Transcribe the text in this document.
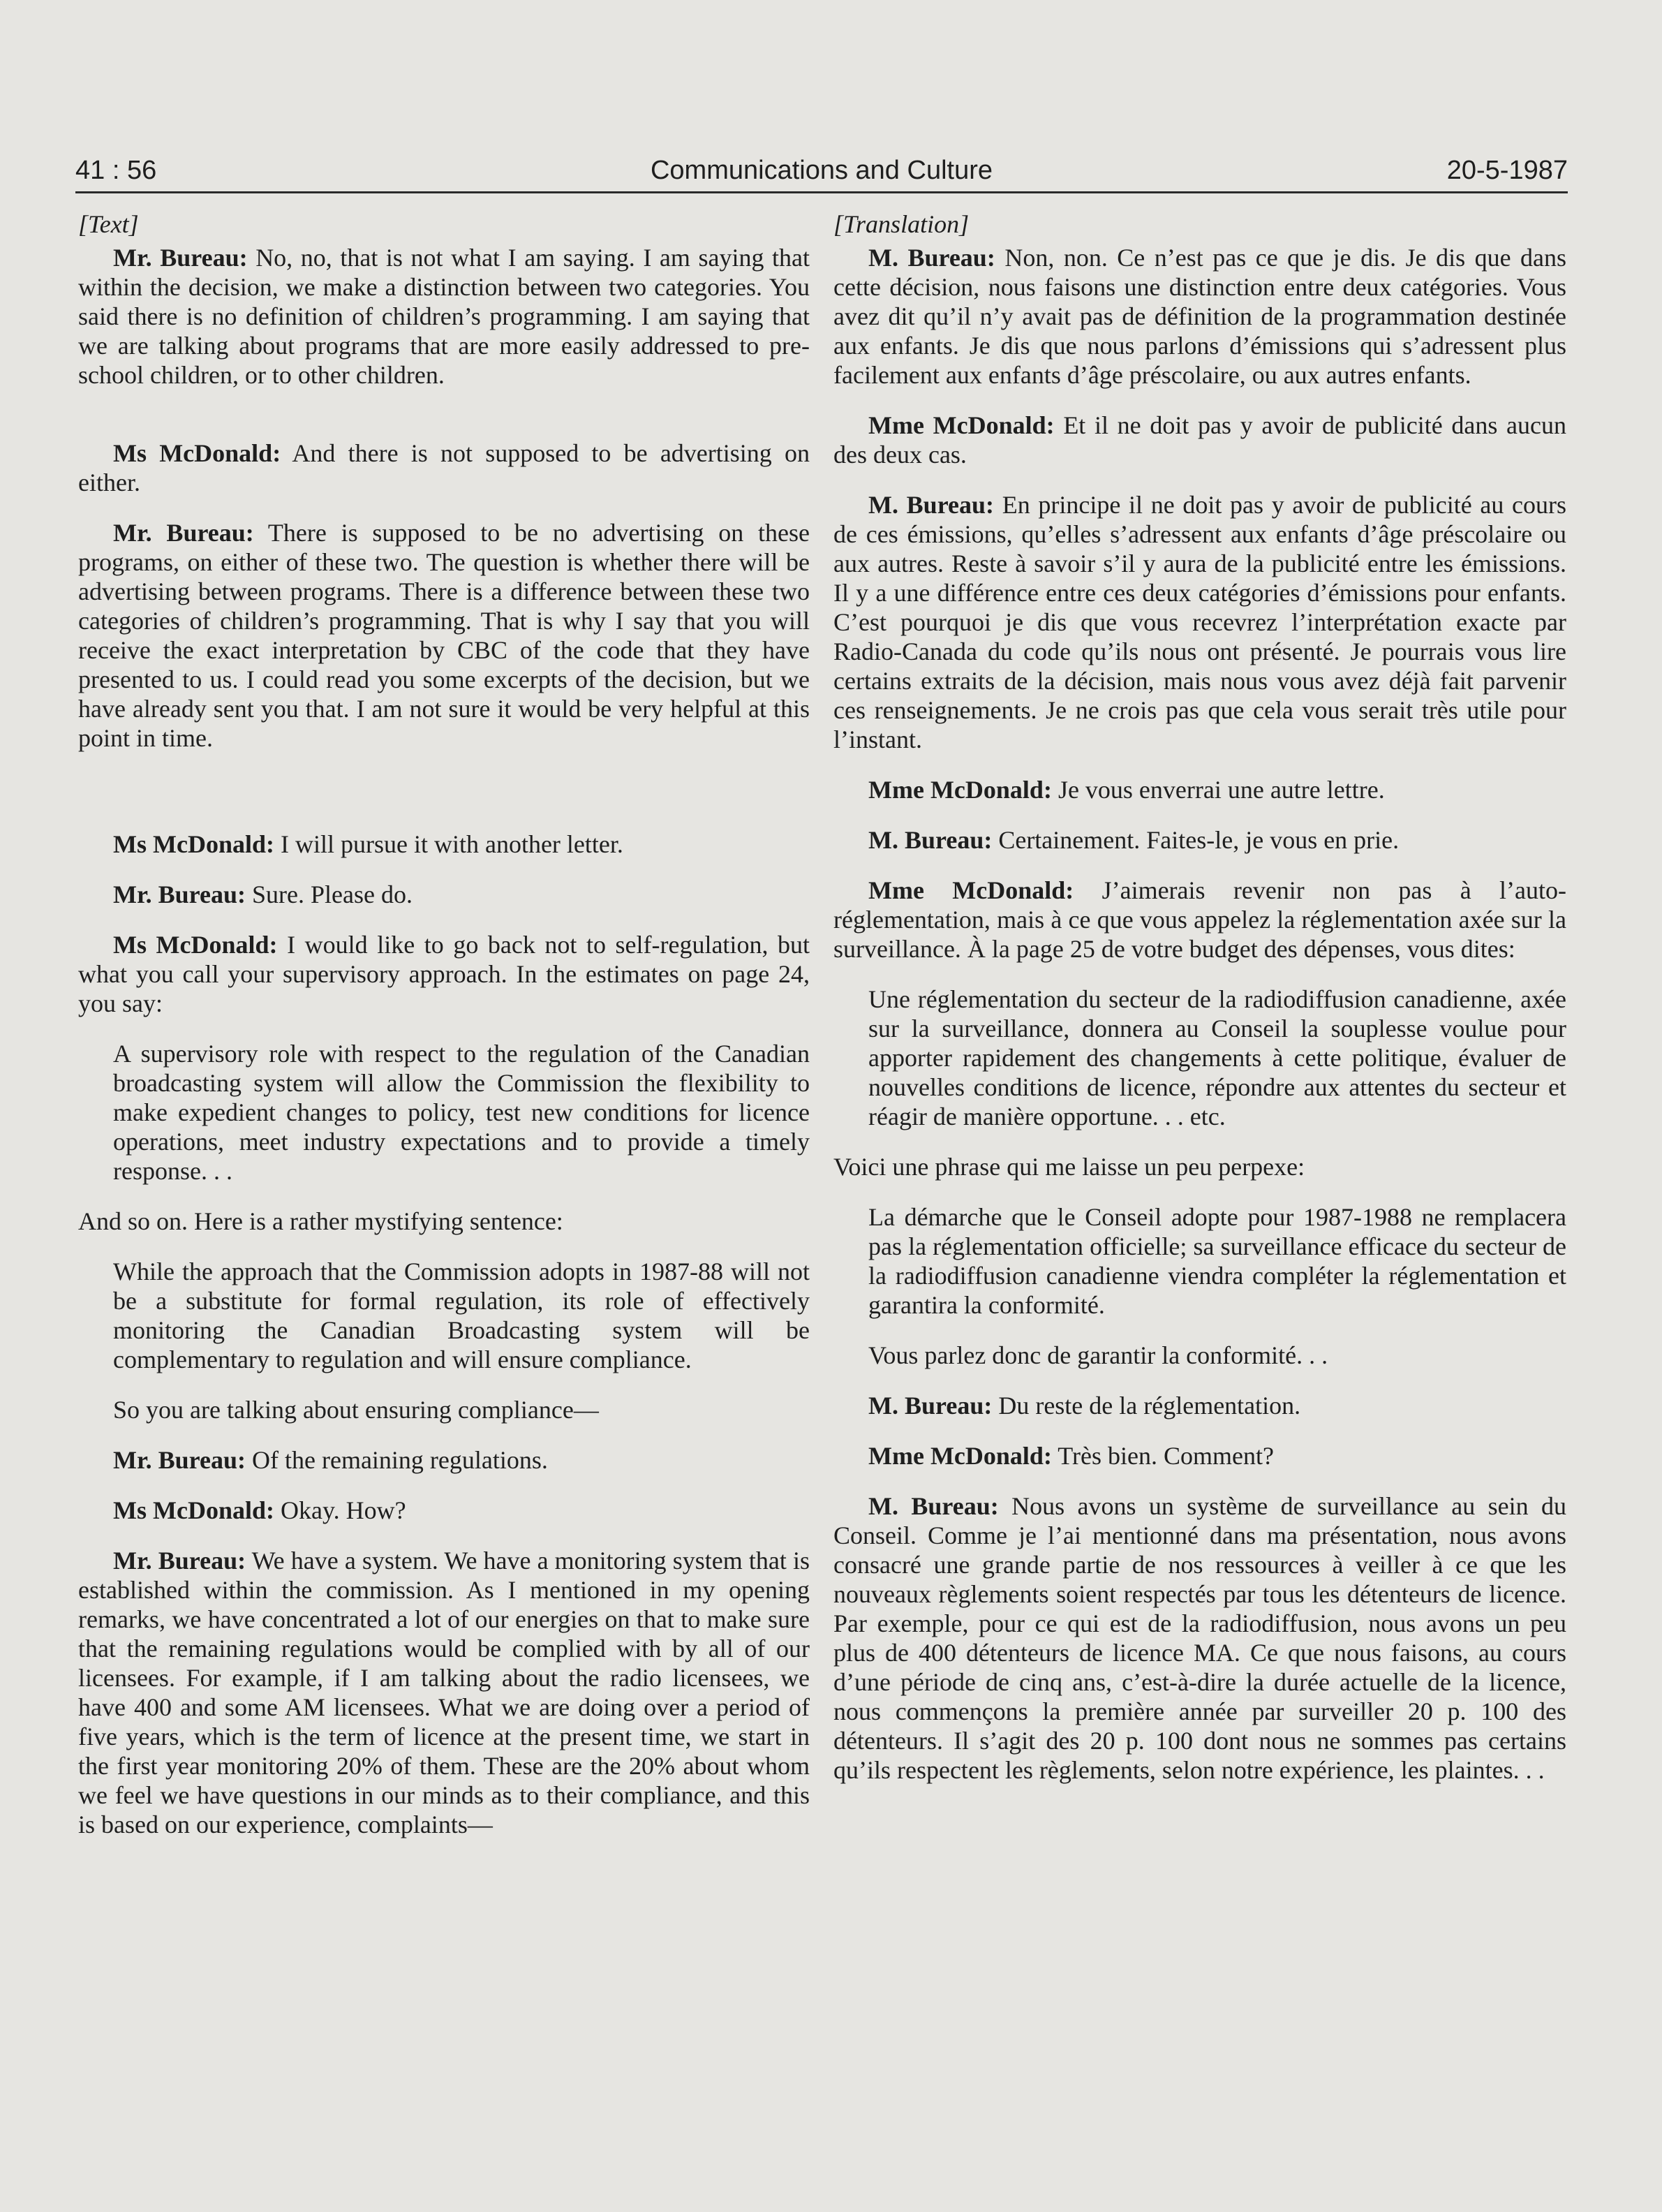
41 : 56	Communications and Culture	20-5-1987

[Text]

Mr. Bureau: No, no, that is not what I am saying. I am saying that within the decision, we make a distinction between two categories. You said there is no definition of children’s programming. I am saying that we are talking about programs that are more easily addressed to pre-school children, or to other children.

Ms McDonald: And there is not supposed to be advertising on either.

Mr. Bureau: There is supposed to be no advertising on these programs, on either of these two. The question is whether there will be advertising between programs. There is a difference between these two categories of children’s programming. That is why I say that you will receive the exact interpretation by CBC of the code that they have presented to us. I could read you some excerpts of the decision, but we have already sent you that. I am not sure it would be very helpful at this point in time.

Ms McDonald: I will pursue it with another letter.

Mr. Bureau: Sure. Please do.

Ms McDonald: I would like to go back not to self-regulation, but what you call your supervisory approach. In the estimates on page 24, you say:

A supervisory role with respect to the regulation of the Canadian broadcasting system will allow the Commission the flexibility to make expedient changes to policy, test new conditions for licence operations, meet industry expectations and to provide a timely response. . .

And so on. Here is a rather mystifying sentence:

While the approach that the Commission adopts in 1987-88 will not be a substitute for formal regulation, its role of effectively monitoring the Canadian Broadcasting system will be complementary to regulation and will ensure compliance.

So you are talking about ensuring compliance—

Mr. Bureau: Of the remaining regulations.

Ms McDonald: Okay. How?

Mr. Bureau: We have a system. We have a monitoring system that is established within the commission. As I mentioned in my opening remarks, we have concentrated a lot of our energies on that to make sure that the remaining regulations would be complied with by all of our licensees. For example, if I am talking about the radio licensees, we have 400 and some AM licensees. What we are doing over a period of five years, which is the term of licence at the present time, we start in the first year monitoring 20% of them. These are the 20% about whom we feel we have questions in our minds as to their compliance, and this is based on our experience, complaints—

[Translation]

M. Bureau: Non, non. Ce n’est pas ce que je dis. Je dis que dans cette décision, nous faisons une distinction entre deux catégories. Vous avez dit qu’il n’y avait pas de définition de la programmation destinée aux enfants. Je dis que nous parlons d’émissions qui s’adressent plus facilement aux enfants d’âge préscolaire, ou aux autres enfants.

Mme McDonald: Et il ne doit pas y avoir de publicité dans aucun des deux cas.

M. Bureau: En principe il ne doit pas y avoir de publicité au cours de ces émissions, qu’elles s’adressent aux enfants d’âge préscolaire ou aux autres. Reste à savoir s’il y aura de la publicité entre les émissions. Il y a une différence entre ces deux catégories d’émissions pour enfants. C’est pourquoi je dis que vous recevrez l’interprétation exacte par Radio-Canada du code qu’ils nous ont présenté. Je pourrais vous lire certains extraits de la décision, mais nous vous avez déjà fait parvenir ces renseignements. Je ne crois pas que cela vous serait très utile pour l’instant.

Mme McDonald: Je vous enverrai une autre lettre.

M. Bureau: Certainement. Faites-le, je vous en prie.

Mme McDonald: J’aimerais revenir non pas à l’auto-réglementation, mais à ce que vous appelez la réglementation axée sur la surveillance. À la page 25 de votre budget des dépenses, vous dites:

Une réglementation du secteur de la radiodiffusion canadienne, axée sur la surveillance, donnera au Conseil la souplesse voulue pour apporter rapidement des changements à cette politique, évaluer de nouvelles conditions de licence, répondre aux attentes du secteur et réagir de manière opportune. . . etc.

Voici une phrase qui me laisse un peu perpexe:

La démarche que le Conseil adopte pour 1987-1988 ne remplacera pas la réglementation officielle; sa surveillance efficace du secteur de la radiodiffusion canadienne viendra compléter la réglementation et garantira la conformité.

Vous parlez donc de garantir la conformité. . .

M. Bureau: Du reste de la réglementation.

Mme McDonald: Très bien. Comment?

M. Bureau: Nous avons un système de surveillance au sein du Conseil. Comme je l’ai mentionné dans ma présentation, nous avons consacré une grande partie de nos ressources à veiller à ce que les nouveaux règlements soient respectés par tous les détenteurs de licence. Par exemple, pour ce qui est de la radiodiffusion, nous avons un peu plus de 400 détenteurs de licence MA. Ce que nous faisons, au cours d’une période de cinq ans, c’est-à-dire la durée actuelle de la licence, nous commençons la première année par surveiller 20 p. 100 des détenteurs. Il s’agit des 20 p. 100 dont nous ne sommes pas certains qu’ils respectent les règlements, selon notre expérience, les plaintes. . .
